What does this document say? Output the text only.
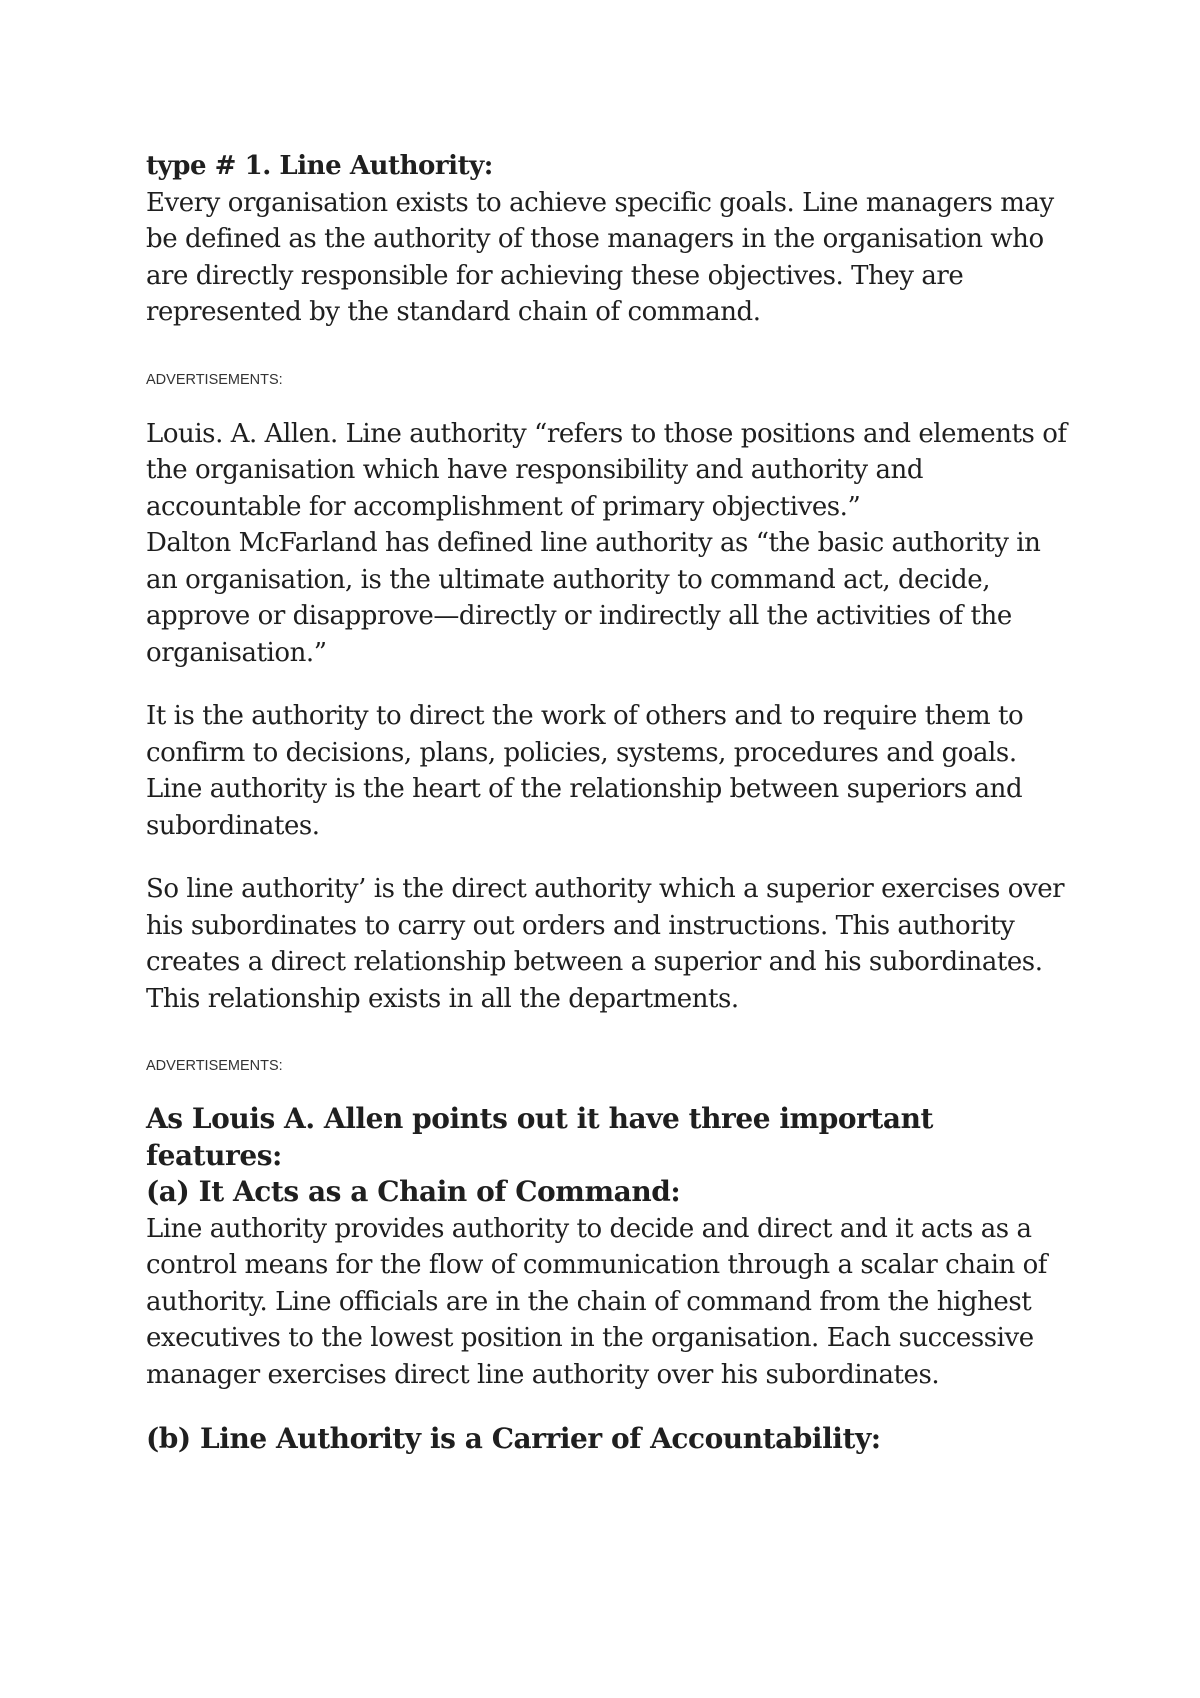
type # 1. Line Authority:

Every organisation exists to achieve specific goals. Line managers may be defined as the authority of those managers in the organisation who are directly responsible for achieving these objectives. They are represented by the standard chain of command.

ADVERTISEMENTS:

Louis. A. Allen. Line authority “refers to those positions and elements of the organisation which have responsibility and authority and accountable for accomplishment of primary objectives.”

Dalton McFarland has defined line authority as “the basic authority in an organisation, is the ultimate authority to command act, decide, approve or disapprove—directly or indirectly all the activities of the organisation.”

It is the authority to direct the work of others and to require them to confirm to decisions, plans, policies, systems, procedures and goals. Line authority is the heart of the relationship between superiors and subordinates.

So line authority’ is the direct authority which a superior exercises over his subordinates to carry out orders and instructions. This authority creates a direct relationship between a superior and his subordinates. This relationship exists in all the departments.

ADVERTISEMENTS:

As Louis A. Allen points out it have three important features:

(a) It Acts as a Chain of Command:

Line authority provides authority to decide and direct and it acts as a control means for the flow of communication through a scalar chain of authority. Line officials are in the chain of command from the highest executives to the lowest position in the organisation. Each successive manager exercises direct line authority over his subordinates.

(b) Line Authority is a Carrier of Accountability:
